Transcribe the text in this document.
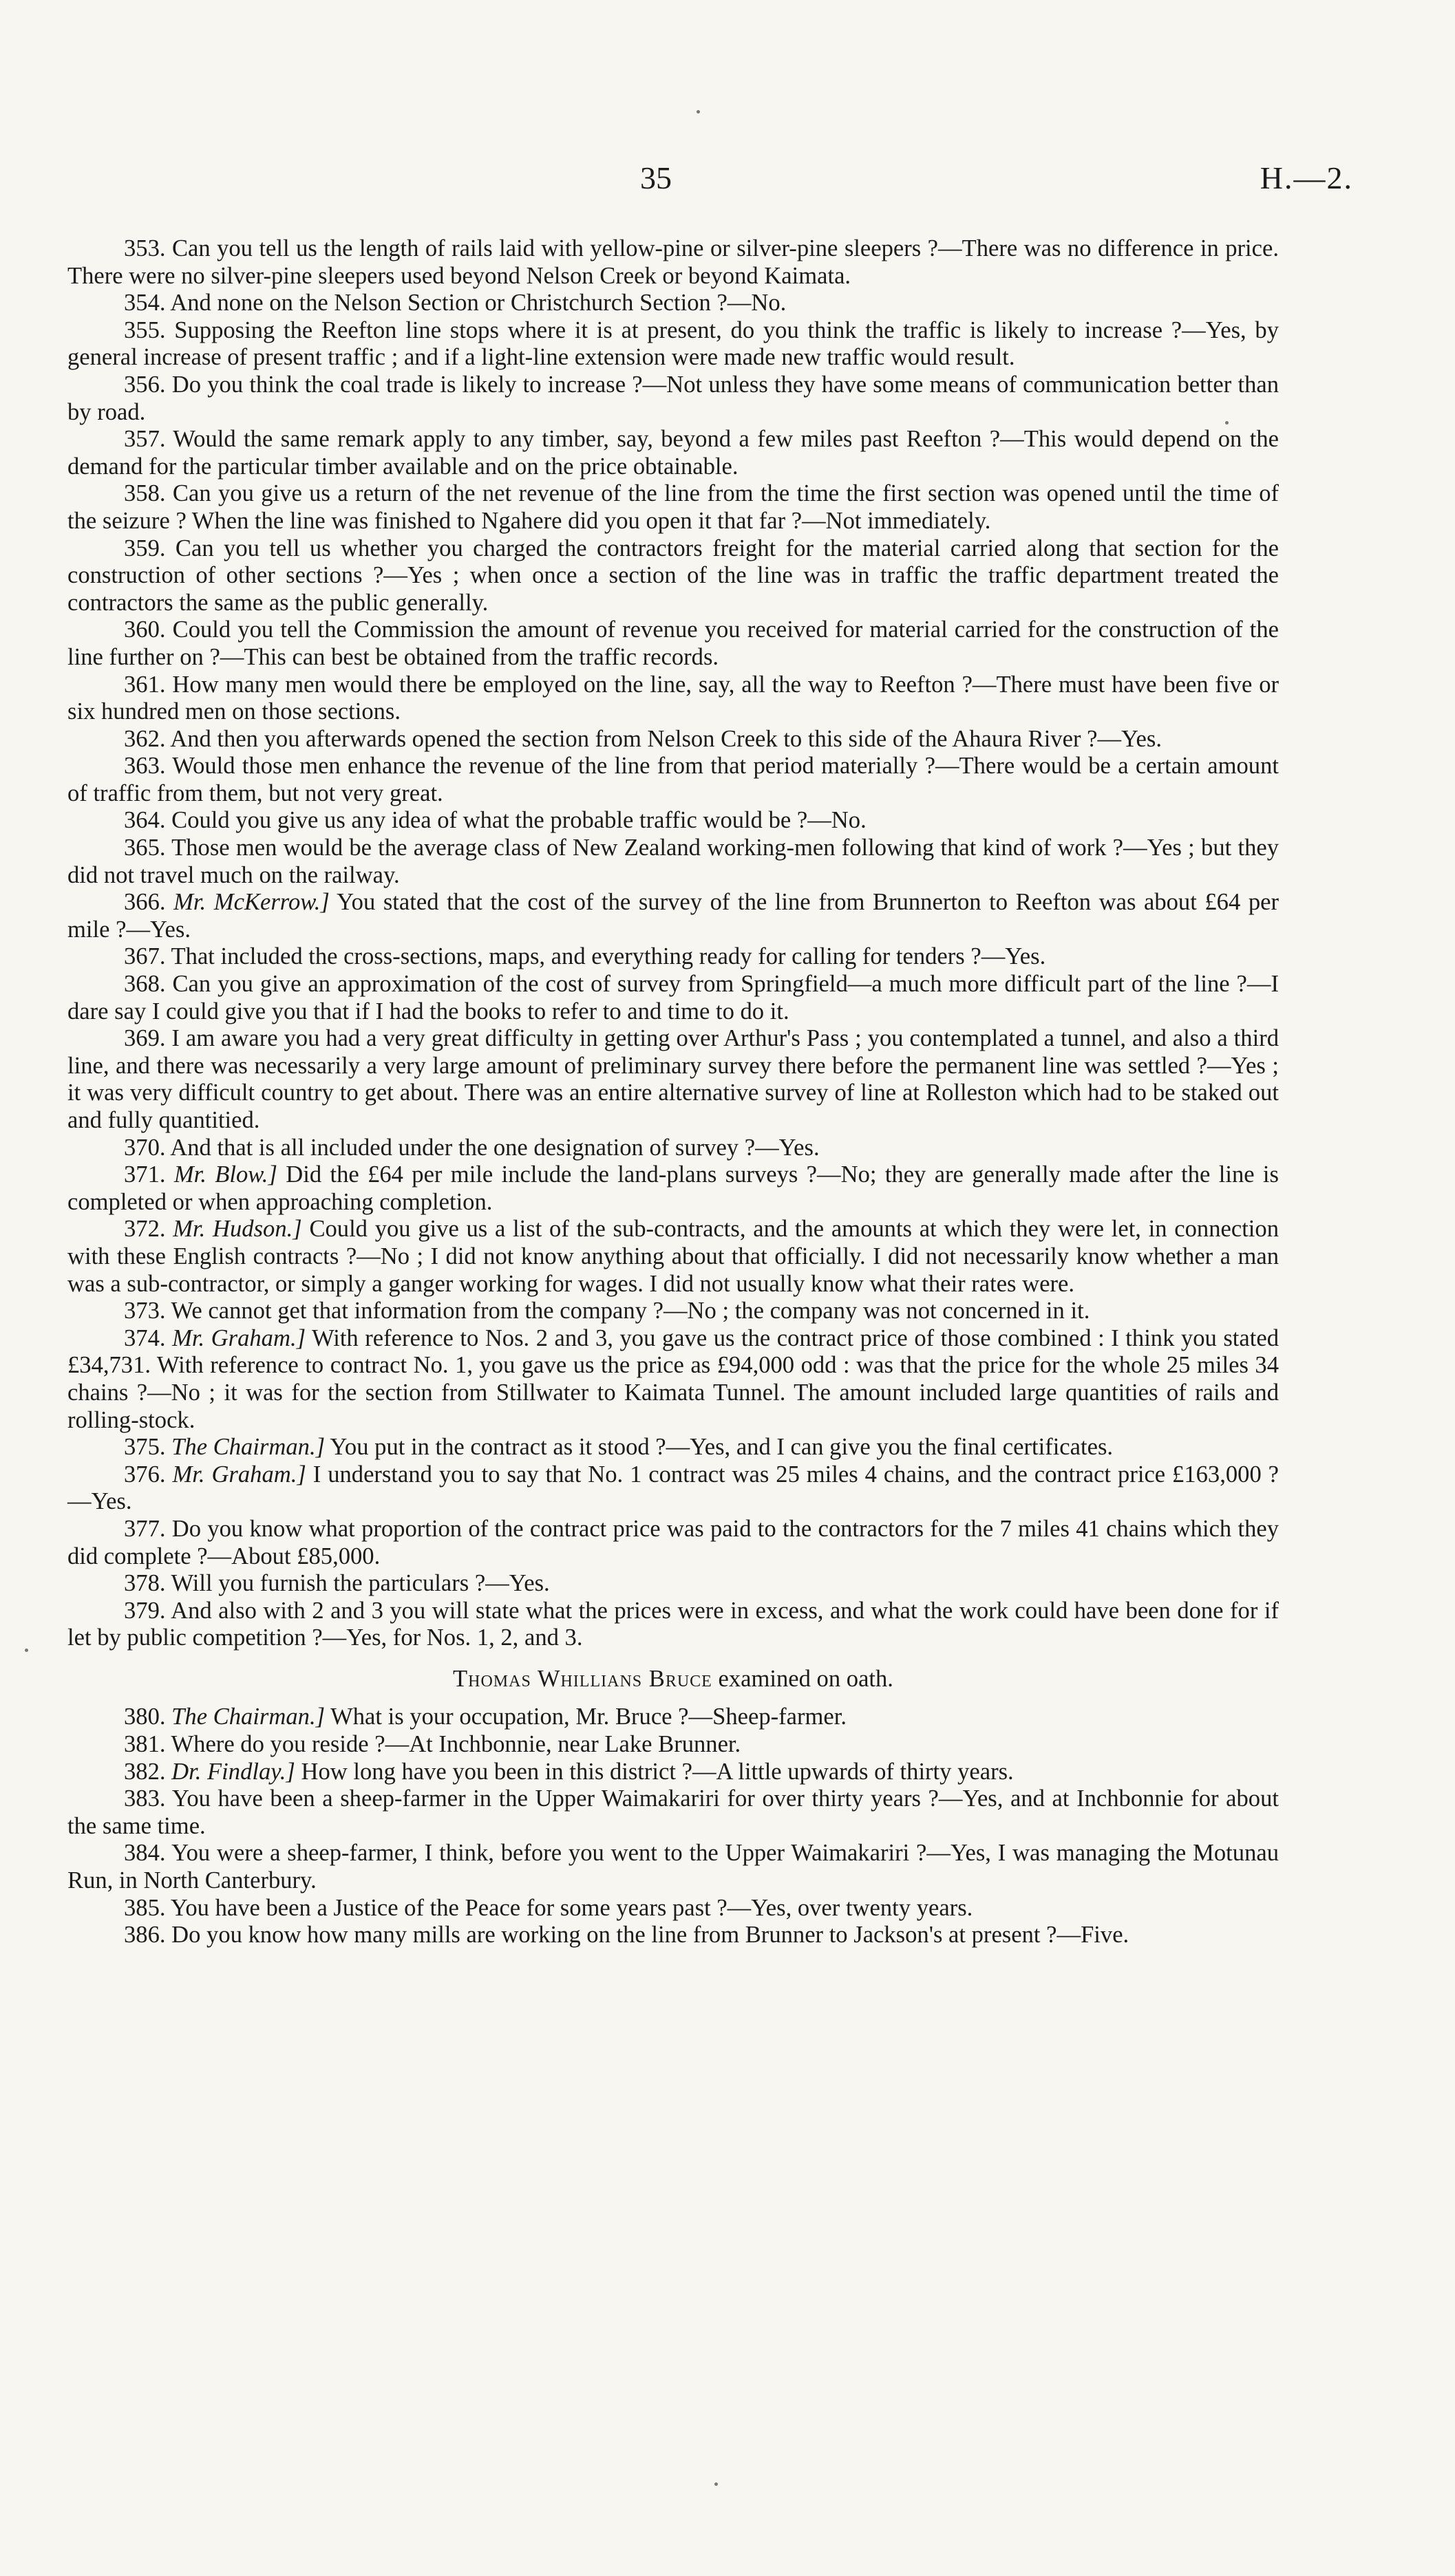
35	H.—2.

353. Can you tell us the length of rails laid with yellow-pine or silver-pine sleepers ?—There was no difference in price. There were no silver-pine sleepers used beyond Nelson Creek or beyond Kaimata.

354. And none on the Nelson Section or Christchurch Section ?—No.

355. Supposing the Reefton line stops where it is at present, do you think the traffic is likely to increase ?—Yes, by general increase of present traffic ; and if a light-line extension were made new traffic would result.

356. Do you think the coal trade is likely to increase ?—Not unless they have some means of communication better than by road.

357. Would the same remark apply to any timber, say, beyond a few miles past Reefton ?—This would depend on the demand for the particular timber available and on the price obtainable.

358. Can you give us a return of the net revenue of the line from the time the first section was opened until the time of the seizure ? When the line was finished to Ngahere did you open it that far ?—Not immediately.

359. Can you tell us whether you charged the contractors freight for the material carried along that section for the construction of other sections ?—Yes ; when once a section of the line was in traffic the traffic department treated the contractors the same as the public generally.

360. Could you tell the Commission the amount of revenue you received for material carried for the construction of the line further on ?—This can best be obtained from the traffic records.

361. How many men would there be employed on the line, say, all the way to Reefton ?—There must have been five or six hundred men on those sections.

362. And then you afterwards opened the section from Nelson Creek to this side of the Ahaura River ?—Yes.

363. Would those men enhance the revenue of the line from that period materially ?—There would be a certain amount of traffic from them, but not very great.

364. Could you give us any idea of what the probable traffic would be ?—No.

365. Those men would be the average class of New Zealand working-men following that kind of work ?—Yes ; but they did not travel much on the railway.

366. Mr. McKerrow.] You stated that the cost of the survey of the line from Brunnerton to Reefton was about £64 per mile ?—Yes.

367. That included the cross-sections, maps, and everything ready for calling for tenders ?—Yes.

368. Can you give an approximation of the cost of survey from Springfield—a much more difficult part of the line ?—I dare say I could give you that if I had the books to refer to and time to do it.

369. I am aware you had a very great difficulty in getting over Arthur's Pass ; you contemplated a tunnel, and also a third line, and there was necessarily a very large amount of preliminary survey there before the permanent line was settled ?—Yes ; it was very difficult country to get about. There was an entire alternative survey of line at Rolleston which had to be staked out and fully quantitied.

370. And that is all included under the one designation of survey ?—Yes.

371. Mr. Blow.] Did the £64 per mile include the land-plans surveys ?—No; they are generally made after the line is completed or when approaching completion.

372. Mr. Hudson.] Could you give us a list of the sub-contracts, and the amounts at which they were let, in connection with these English contracts ?—No ; I did not know anything about that officially. I did not necessarily know whether a man was a sub-contractor, or simply a ganger working for wages. I did not usually know what their rates were.

373. We cannot get that information from the company ?—No ; the company was not concerned in it.

374. Mr. Graham.] With reference to Nos. 2 and 3, you gave us the contract price of those combined : I think you stated £34,731. With reference to contract No. 1, you gave us the price as £94,000 odd : was that the price for the whole 25 miles 34 chains ?—No ; it was for the section from Stillwater to Kaimata Tunnel. The amount included large quantities of rails and rolling-stock.

375. The Chairman.] You put in the contract as it stood ?—Yes, and I can give you the final certificates.

376. Mr. Graham.] I understand you to say that No. 1 contract was 25 miles 4 chains, and the contract price £163,000 ?—Yes.

377. Do you know what proportion of the contract price was paid to the contractors for the 7 miles 41 chains which they did complete ?—About £85,000.

378. Will you furnish the particulars ?—Yes.

379. And also with 2 and 3 you will state what the prices were in excess, and what the work could have been done for if let by public competition ?—Yes, for Nos. 1, 2, and 3.

Thomas Whillians Bruce examined on oath.

380. The Chairman.] What is your occupation, Mr. Bruce ?—Sheep-farmer.

381. Where do you reside ?—At Inchbonnie, near Lake Brunner.

382. Dr. Findlay.] How long have you been in this district ?—A little upwards of thirty years.

383. You have been a sheep-farmer in the Upper Waimakariri for over thirty years ?—Yes, and at Inchbonnie for about the same time.

384. You were a sheep-farmer, I think, before you went to the Upper Waimakariri ?—Yes, I was managing the Motunau Run, in North Canterbury.

385. You have been a Justice of the Peace for some years past ?—Yes, over twenty years.

386. Do you know how many mills are working on the line from Brunner to Jackson's at present ?—Five.
